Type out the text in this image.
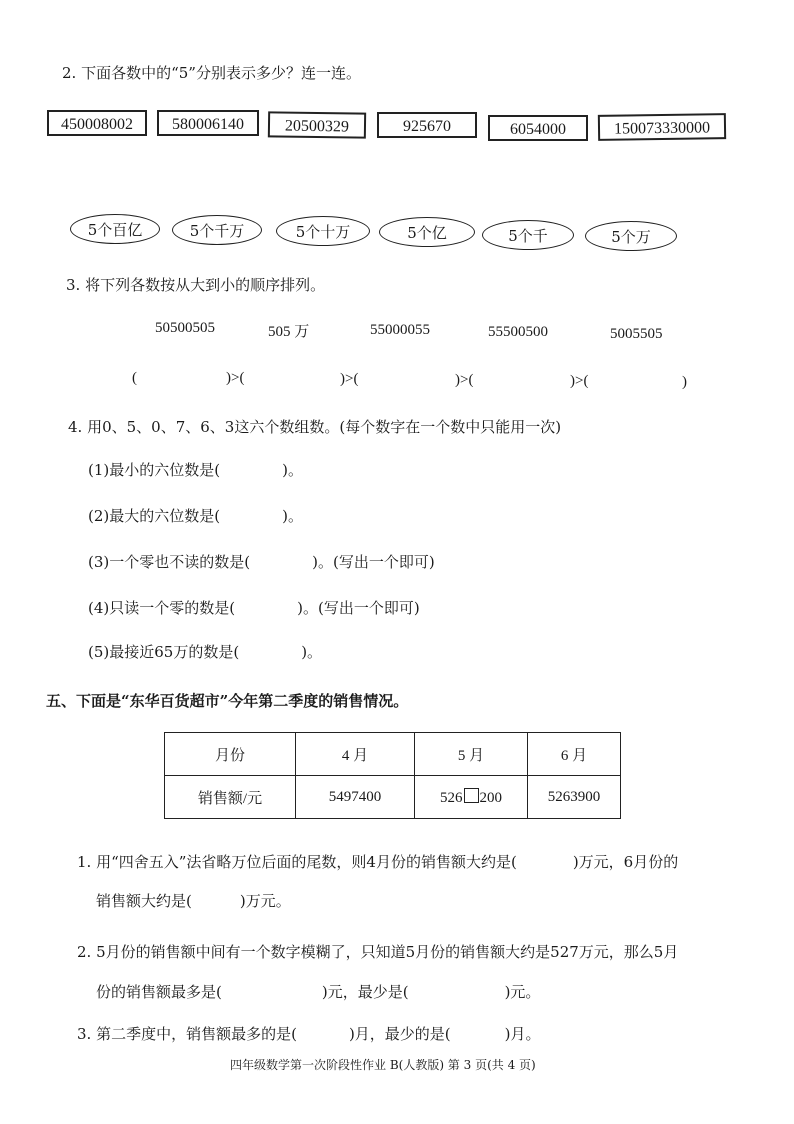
2. 下面各数中的“5”分别表示多少？连一连。
450008002	580006140	20500329	925670	6054000	150073330000
5个百亿	5个千万	5个十万	5个亿	5个千	5个万
3. 将下列各数按从大到小的顺序排列。
50500505	505 万	55000055	55500500	5005505
(	)>(	)>(	)>(	)>(	)
4. 用0、5、0、7、6、3这六个数组数。(每个数字在一个数中只能用一次)
(1)最小的六位数是(	)。
(2)最大的六位数是(	)。
(3)一个零也不读的数是(	)。(写出一个即可)
(4)只读一个零的数是(	)。(写出一个即可)
(5)最接近65万的数是(	)。
五、下面是“东华百货超市”今年第二季度的销售情况。
月份	4 月	5 月	6 月
销售额/元	5497400	526 200	5263900
1. 用“四舍五入”法省略万位后面的尾数，则4月份的销售额大约是(	)万元，6月份的
销售额大约是(	)万元。
2. 5月份的销售额中间有一个数字模糊了，只知道5月份的销售额大约是527万元，那么5月
份的销售额最多是(	)元，最少是(	)元。
3. 第二季度中，销售额最多的是(	)月，最少的是(	)月。
四年级数学第一次阶段性作业 B(人教版) 第 3 页(共 4 页)
